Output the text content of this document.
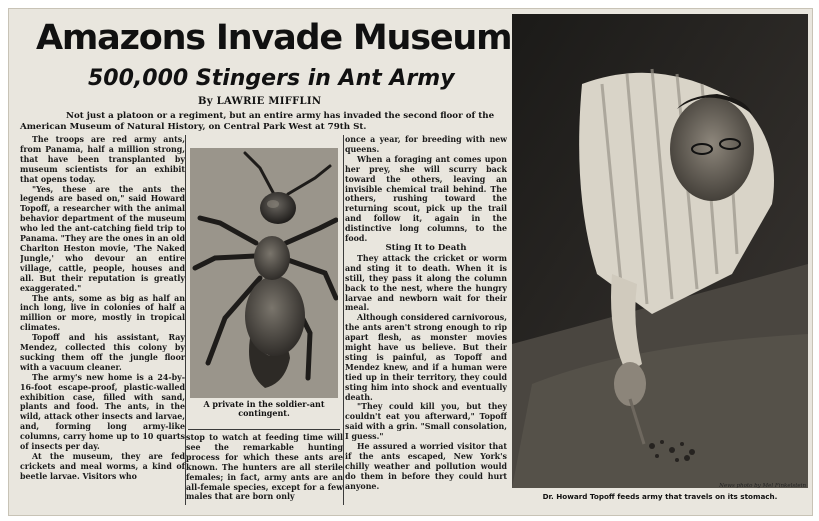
Amazons Invade Museum
500,000 Stingers in Ant Army
By LAWRIE MIFFLIN
Not just a platoon or a regiment, but an entire army has invaded the second floor of the American Museum of Natural History, on Central Park West at 79th St.

The troops are red army ants, from Panama, half a million strong, that have been transplanted by museum scientists for an exhibit that opens today.

"Yes, these are the ants the legends are based on," said Howard Topoff, a researcher with the animal behavior department of the museum who led the ant-catching field trip to Panama. "They are the ones in an old Charlton Heston movie, 'The Naked Jungle,' who devour an entire village, cattle, people, houses and all. But their reputation is greatly exaggerated."

The ants, some as big as half an inch long, live in colonies of half a million or more, mostly in tropical climates.

Topoff and his assistant, Ray Mendez, collected this colony by sucking them off the jungle floor with a vacuum cleaner.

The army's new home is a 24-by-16-foot escape-proof, plastic-walled exhibition case, filled with sand, plants and food. The ants, in the wild, attack other insects and larvae, and, forming long army-like columns, carry home up to 10 quarts of insects per day.

At the museum, they are fed crickets and meal worms, a kind of beetle larvae. Visitors who

A private in the soldier-ant contingent.

stop to watch at feeding time will see the remarkable hunting process for which these ants are known. The hunters are all sterile females; in fact, army ants are an all-female species, except for a few males that are born only

once a year, for breeding with new queens.

When a foraging ant comes upon her prey, she will scurry back toward the others, leaving an invisible chemical trail behind. The others, rushing toward the returning scout, pick up the trail and follow it, again in the distinctive long columns, to the food.

Sting It to Death

They attack the cricket or worm and sting it to death. When it is still, they pass it along the column back to the nest, where the hungry larvae and newborn wait for their meal.

Although considered carnivorous, the ants aren't strong enough to rip apart flesh, as monster movies might have us believe. But their sting is painful, as Topoff and Mendez knew, and if a human were tied up in their territory, they could sting him into shock and eventually death.

"They could kill you, but they couldn't eat you afterward," Topoff said with a grin. "Small consolation, I guess."

He assured a worried visitor that if the ants escaped, New York's chilly weather and pollution would do them in before they could hurt anyone.	News photo by Mel Finkelstein
Dr. Howard Topoff feeds army that travels on its stomach.
